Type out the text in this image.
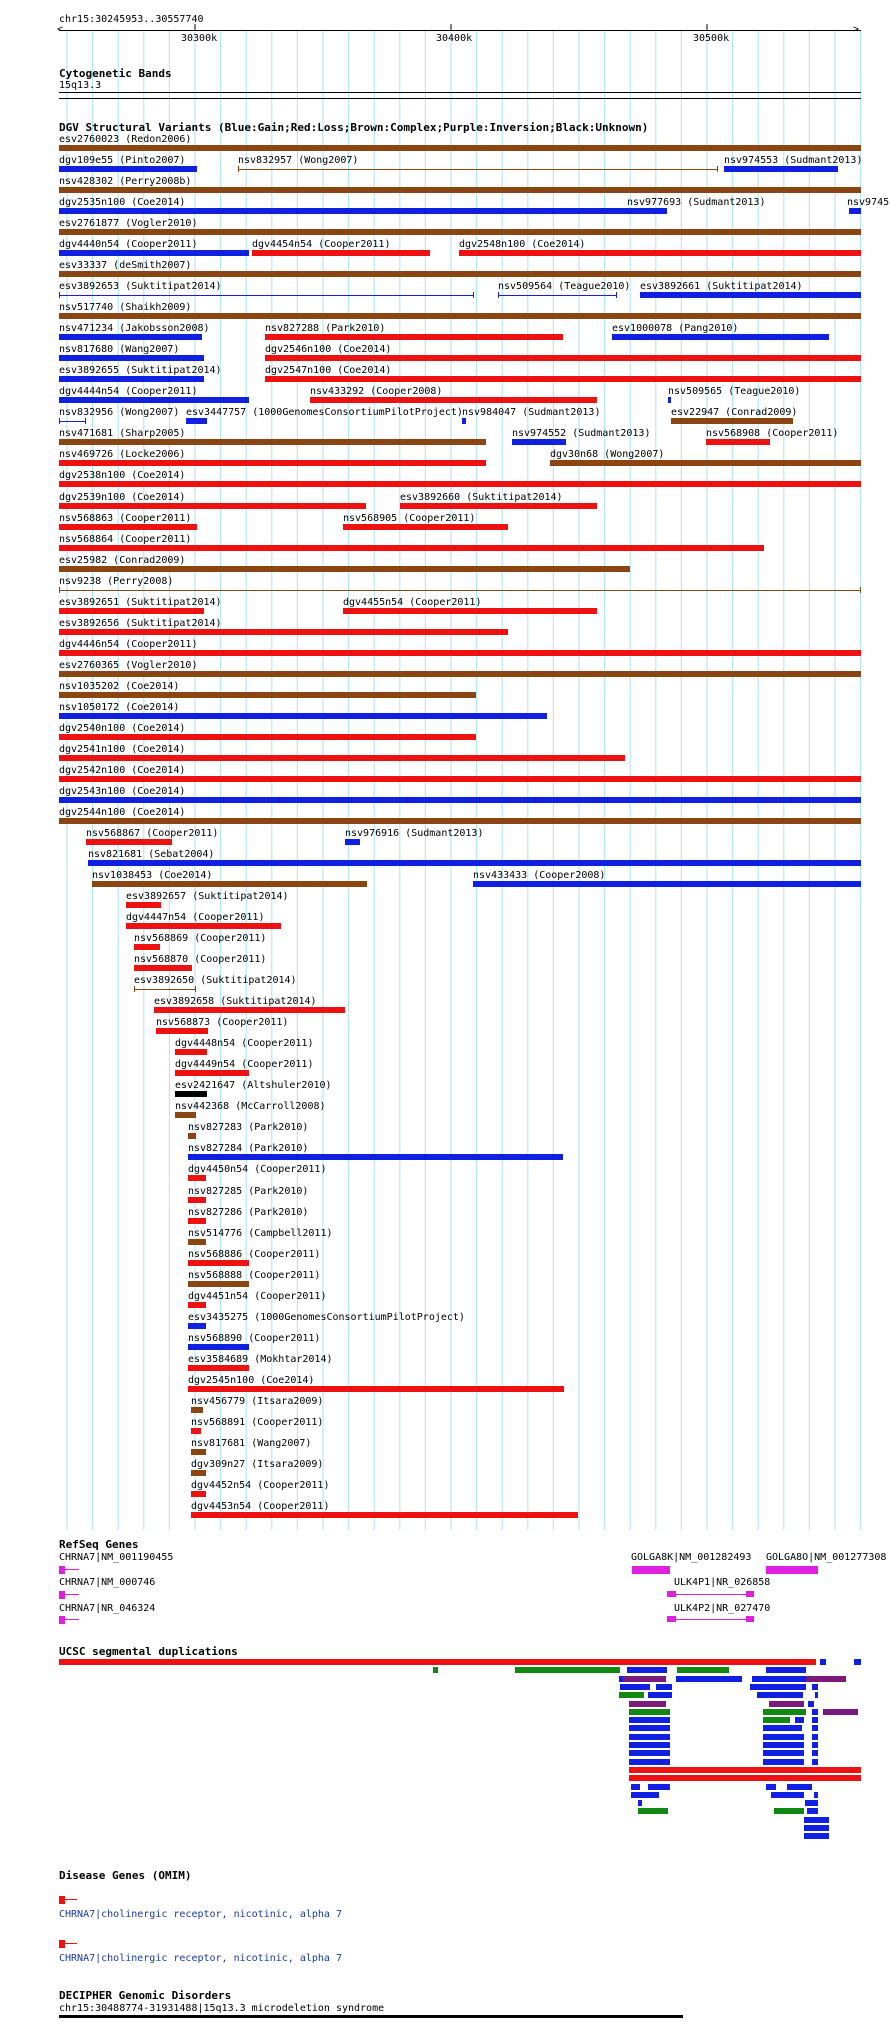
chr15:30245953..30557740
<	>
30300k	30400k	30500k
Cytogenetic Bands
15q13.3
DGV Structural Variants (Blue:Gain;Red:Loss;Brown:Complex;Purple:Inversion;Black:Unknown)
esv2760023 (Redon2006)
dgv109e55 (Pinto2007)	nsv832957 (Wong2007)	nsv974553 (Sudmant2013)
nsv428302 (Perry2008b)
dgv2535n100 (Coe2014)	nsv977693 (Sudmant2013)	nsv9745
esv2761877 (Vogler2010)
dgv4440n54 (Cooper2011)	dgv4454n54 (Cooper2011)	dgv2548n100 (Coe2014)
esv33337 (deSmith2007)
esv3892653 (Suktitipat2014)	nsv509564 (Teague2010) esv3892661 (Suktitipat2014)
nsv517740 (Shaikh2009)
nsv471234 (Jakobsson2008)	nsv827288 (Park2010)	esv1000078 (Pang2010)
nsv817680 (Wang2007)	dgv2546n100 (Coe2014)
esv3892655 (Suktitipat2014)	dgv2547n100 (Coe2014)
dgv4444n54 (Cooper2011)	nsv433292 (Cooper2008)	nsv509565 (Teague2010)
nsv832956 (Wong2007) esv3447757 (1000GenomesConsortiumPilotProject) nsv984047 (Sudmant2013)	esv22947 (Conrad2009)
nsv471681 (Sharp2005)	nsv974552 (Sudmant2013)	nsv568908 (Cooper2011)
nsv469726 (Locke2006)	dgv30n68 (Wong2007)
dgv2538n100 (Coe2014)
dgv2539n100 (Coe2014)	esv3892660 (Suktitipat2014)
nsv568863 (Cooper2011)	nsv568905 (Cooper2011)
nsv568864 (Cooper2011)
esv25982 (Conrad2009)
nsv9238 (Perry2008)
esv3892651 (Suktitipat2014)	dgv4455n54 (Cooper2011)
esv3892656 (Suktitipat2014)
dgv4446n54 (Cooper2011)
esv2760365 (Vogler2010)
nsv1035202 (Coe2014)
nsv1050172 (Coe2014)
dgv2540n100 (Coe2014)
dgv2541n100 (Coe2014)
dgv2542n100 (Coe2014)
dgv2543n100 (Coe2014)
dgv2544n100 (Coe2014)
nsv568867 (Cooper2011)	nsv976916 (Sudmant2013)
nsv821681 (Sebat2004)
nsv1038453 (Coe2014)	nsv433433 (Cooper2008)
esv3892657 (Suktitipat2014)
dgv4447n54 (Cooper2011)
nsv568869 (Cooper2011)
nsv568870 (Cooper2011)
esv3892650 (Suktitipat2014)
esv3892658 (Suktitipat2014)
nsv568873 (Cooper2011)
dgv4448n54 (Cooper2011)
dgv4449n54 (Cooper2011)
esv2421647 (Altshuler2010)
nsv442368 (McCarroll2008)
nsv827283 (Park2010)
nsv827284 (Park2010)
dgv4450n54 (Cooper2011)
nsv827285 (Park2010)
nsv827286 (Park2010)
nsv514776 (Campbell2011)
nsv568886 (Cooper2011)
nsv568888 (Cooper2011)
dgv4451n54 (Cooper2011)
esv3435275 (1000GenomesConsortiumPilotProject)
nsv568890 (Cooper2011)
esv3584689 (Mokhtar2014)
dgv2545n100 (Coe2014)
nsv456779 (Itsara2009)
nsv568891 (Cooper2011)
nsv817681 (Wang2007)
dgv309n27 (Itsara2009)
dgv4452n54 (Cooper2011)
dgv4453n54 (Cooper2011)
RefSeq Genes
CHRNA7|NM_001190455
CHRNA7|NM_000746
CHRNA7|NR_046324
GOLGA8K|NM_001282493 GOLGA8O|NM_001277308
ULK4P1|NR_026858
ULK4P2|NR_027470
UCSC segmental duplications
Disease Genes (OMIM)
CHRNA7|cholinergic receptor, nicotinic, alpha 7
CHRNA7|cholinergic receptor, nicotinic, alpha 7
DECIPHER Genomic Disorders
chr15:30488774-31931488|15q13.3 microdeletion syndrome
